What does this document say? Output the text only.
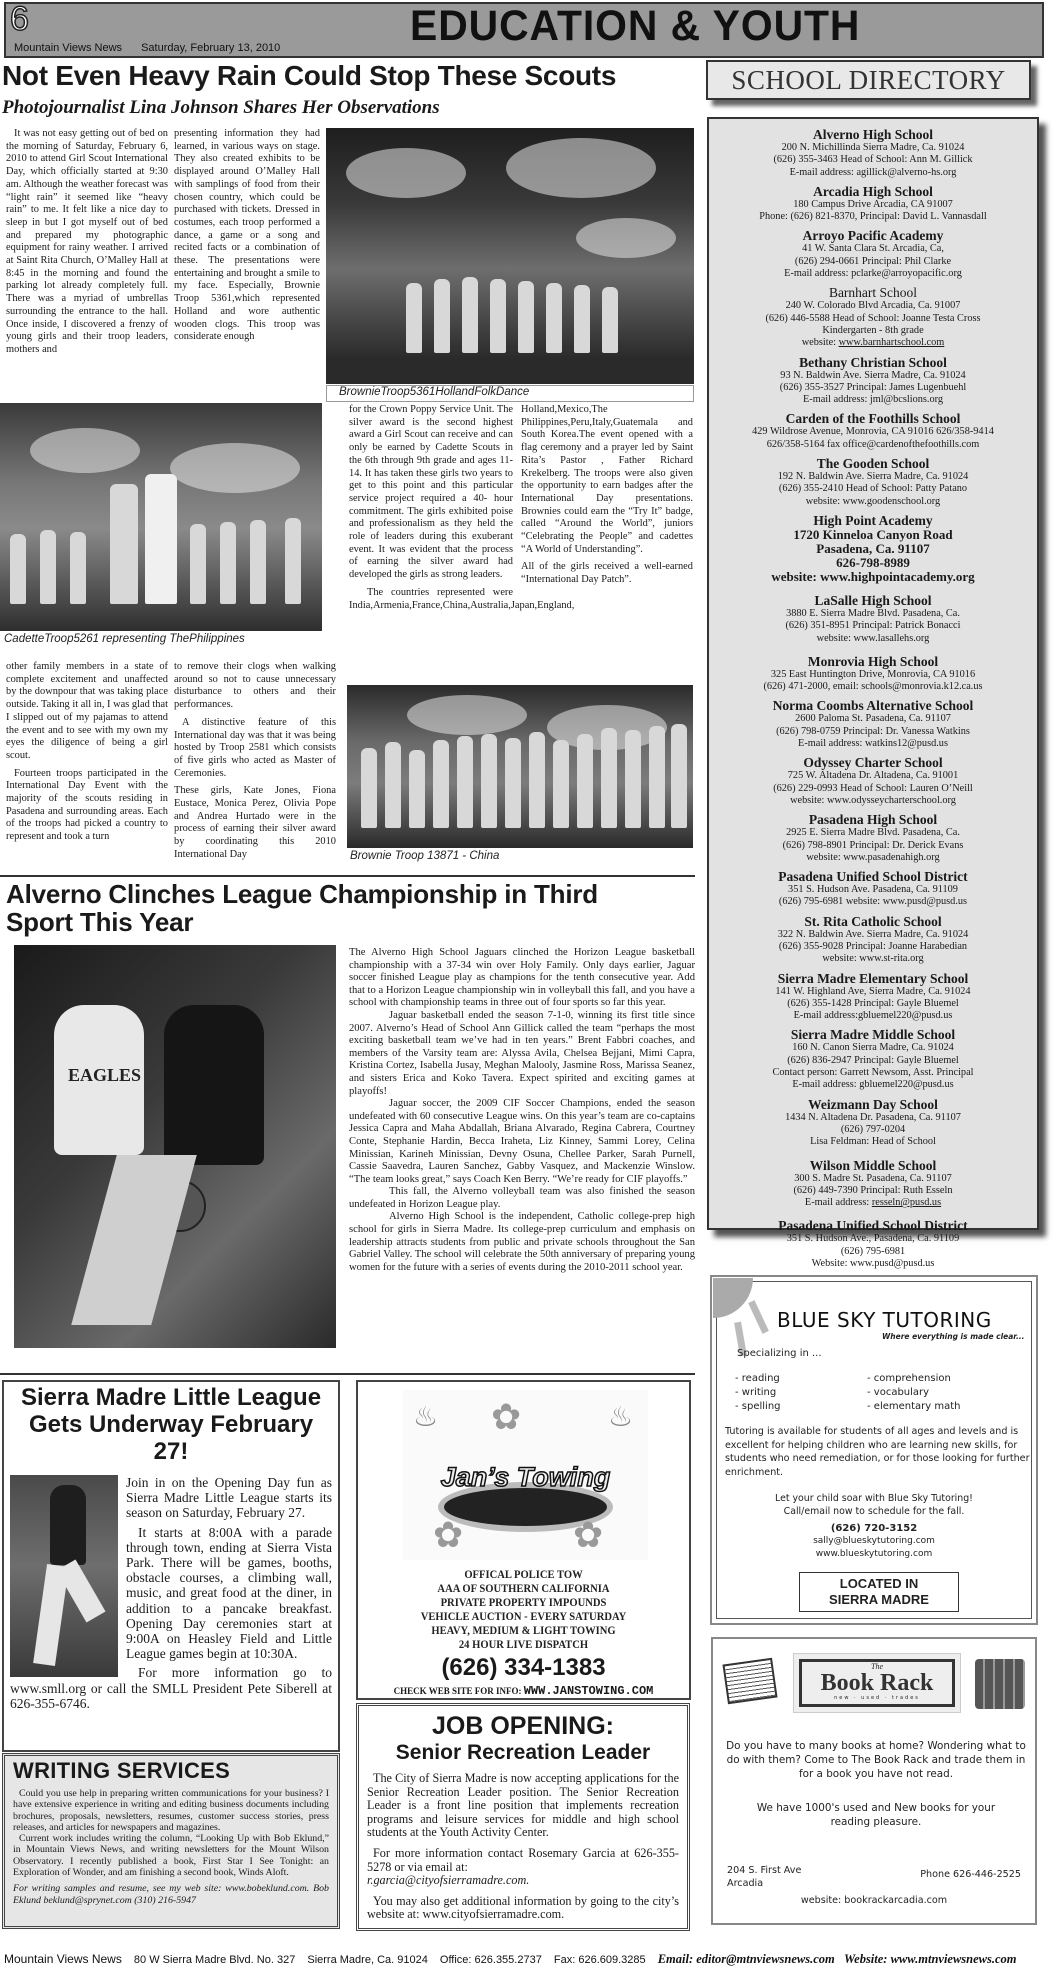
6	EDUCATION & YOUTH
Mountain Views News Saturday, February 13, 2010
Not Even Heavy Rain Could Stop These Scouts
Photojournalist Lina Johnson Shares Her Observations

It was not easy getting out of bed on the morning of Saturday, February 6, 2010 to attend Girl Scout International Day, which officially started at 9:30 am. Although the weather forecast was “light rain” it seemed like “heavy rain” to me. It felt like a nice day to sleep in but I got myself out of bed and prepared my photographic equipment for rainy weather. I arrived at Saint Rita Church, O’Malley Hall at 8:45 in the morning and found the parking lot already completely full. There was a myriad of umbrellas surrounding the entrance to the hall. Once inside, I discovered a frenzy of young girls and their troop leaders, mothers and

presenting information they had learned, in various ways on stage. They also created exhibits to be displayed around O’Malley Hall with samplings of food from their chosen country, which could be purchased with tickets. Dressed in costumes, each troop performed a dance, a game or a song and recited facts or a combination of these. The presentations were entertaining and brought a smile to my face. Especially, Brownie Troop 5361,which represented Holland and wore authentic wooden clogs. This troop was considerate enough

BrownieTroop5361HollandFolkDance
CadetteTroop5261 representing ThePhilippines

other family members in a state of complete excitement and unaffected by the downpour that was taking place outside. Taking it all in, I was glad that I slipped out of my pajamas to attend the event and to see with my own my eyes the diligence of being a girl scout.

Fourteen troops participated in the International Day Event with the majority of the scouts residing in Pasadena and surrounding areas. Each of the troops had picked a country to represent and took a turn

to remove their clogs when walking around so not to cause unnecessary disturbance to others and their performances.

A distinctive feature of this International day was that it was being hosted by Troop 2581 which consists of five girls who acted as Master of Ceremonies.

These girls, Kate Jones, Fiona Eustace, Monica Perez, Olivia Pope and Andrea Hurtado were in the process of earning their silver award by coordinating this 2010 International Day

for the Crown Poppy Service Unit. The silver award is the second highest award a Girl Scout can receive and can only be earned by Cadette Scouts in the 6th through 9th grade and ages 11-14. It has taken these girls two years to get to this point and this particular service project required a 40- hour commitment. The girls exhibited poise and professionalism as they held the role of leaders during this exuberant event. It was evident that the process of earning the silver award had developed the girls as strong leaders.

The countries represented were India,Armenia,France,China,Australia,Japan,England,

Holland,Mexico,The Philippines,Peru,Italy,Guatemala and South Korea.The event opened with a flag ceremony and a prayer led by Saint Rita’s Pastor , Father Richard Krekelberg. The troops were also given the opportunity to earn badges after the International Day presentations. Brownies could earn the “Try It” badge, called “Around the World”, juniors “Celebrating the People” and cadettes “A World of Understanding”.

All of the girls received a well-earned “International Day Patch”.

Brownie Troop 13871 - China
SCHOOL DIRECTORY
Alverno High School
200 N. Michillinda Sierra Madre, Ca. 91024
(626) 355-3463 Head of School: Ann M. Gillick
E-mail address: agillick@alverno-hs.org
Arcadia High School
180 Campus Drive Arcadia, CA 91007
Phone: (626) 821-8370, Principal: David L. Vannasdall
Arroyo Pacific Academy
41 W. Santa Clara St. Arcadia, Ca,
(626) 294-0661 Principal: Phil Clarke
E-mail address: pclarke@arroyopacific.org
Barnhart School
240 W. Colorado Blvd Arcadia, Ca. 91007
(626) 446-5588 Head of School: Joanne Testa Cross
Kindergarten - 8th grade
website: www.barnhartschool.com
Bethany Christian School
93 N. Baldwin Ave. Sierra Madre, Ca. 91024
(626) 355-3527 Principal: James Lugenbuehl
E-mail address: jml@bcslions.org
Carden of the Foothills School
429 Wildrose Avenue, Monrovia, CA 91016 626/358-9414
626/358-5164 fax office@cardenofthefoothills.com
The Gooden School
192 N. Baldwin Ave. Sierra Madre, Ca. 91024
(626) 355-2410 Head of School: Patty Patano
website: www.goodenschool.org
High Point Academy
1720 Kinneloa Canyon Road
Pasadena, Ca. 91107
626-798-8989
website: www.highpointacademy.org
LaSalle High School
3880 E. Sierra Madre Blvd. Pasadena, Ca.
(626) 351-8951 Principal: Patrick Bonacci
website: www.lasallehs.org
Monrovia High School
325 East Huntington Drive, Monrovia, CA 91016
(626) 471-2000, email: schools@monrovia.k12.ca.us
Norma Coombs Alternative School
2600 Paloma St. Pasadena, Ca. 91107
(626) 798-0759 Principal: Dr. Vanessa Watkins
E-mail address: watkins12@pusd.us
Odyssey Charter School
725 W. Altadena Dr. Altadena, Ca. 91001
(626) 229-0993 Head of School: Lauren O’Neill
website: www.odysseycharterschool.org
Pasadena High School
2925 E. Sierra Madre Blvd. Pasadena, Ca.
(626) 798-8901 Principal: Dr. Derick Evans
website: www.pasadenahigh.org
Pasadena Unified School District
351 S. Hudson Ave. Pasadena, Ca. 91109
(626) 795-6981 website: www.pusd@pusd.us
St. Rita Catholic School
322 N. Baldwin Ave. Sierra Madre, Ca. 91024
(626) 355-9028 Principal: Joanne Harabedian
website: www.st-rita.org
Sierra Madre Elementary School
141 W. Highland Ave, Sierra Madre, Ca. 91024
(626) 355-1428 Principal: Gayle Bluemel
E-mail address:gbluemel220@pusd.us
Sierra Madre Middle School
160 N. Canon Sierra Madre, Ca. 91024
(626) 836-2947 Principal: Gayle Bluemel
Contact person: Garrett Newsom, Asst. Principal
E-mail address: gbluemel220@pusd.us
Weizmann Day School
1434 N. Altadena Dr. Pasadena, Ca. 91107
(626) 797-0204
Lisa Feldman: Head of School
Wilson Middle School
300 S. Madre St. Pasadena, Ca. 91107
(626) 449-7390 Principal: Ruth Esseln
E-mail address: resseln@pusd.us
Pasadena Unified School District
351 S. Hudson Ave., Pasadena, Ca. 91109
(626) 795-6981
Website: www.pusd@pusd.us
Alverno Clinches League Championship in Third Sport This Year
EAGLES

The Alverno High School Jaguars clinched the Horizon League basketball championship with a 37-34 win over Holy Family. Only days earlier, Jaguar soccer finished League play as champions for the tenth consecutive year. Add that to a Horizon League championship win in volleyball this fall, and you have a school with championship teams in three out of four sports so far this year.

Jaguar basketball ended the season 7-1-0, winning its first title since 2007. Alverno’s Head of School Ann Gillick called the team “perhaps the most exciting basketball team we’ve had in ten years.” Brent Fabbri coaches, and members of the Varsity team are: Alyssa Avila, Chelsea Bejjani, Mimi Capra, Kristina Cortez, Isabella Jusay, Meghan Malooly, Jasmine Ross, Marissa Seanez, and sisters Erica and Koko Tavera. Expect spirited and exciting games at playoffs!

Jaguar soccer, the 2009 CIF Soccer Champions, ended the season undefeated with 60 consecutive League wins. On this year’s team are co-captains Jessica Capra and Maha Abdallah, Briana Alvarado, Regina Cabrera, Courtney Conte, Stephanie Hardin, Becca Iraheta, Liz Kinney, Sammi Lorey, Celina Minissian, Karineh Minissian, Devny Osuna, Chellee Parker, Sarah Purnell, Cassie Saavedra, Lauren Sanchez, Gabby Vasquez, and Mackenzie Winslow. “The team looks great,” says Coach Ken Berry. “We’re ready for CIF playoffs.”

This fall, the Alverno volleyball team was also finished the season undefeated in Horizon League play.

Alverno High School is the independent, Catholic college-prep high school for girls in Sierra Madre. Its college-prep curriculum and emphasis on leadership attracts students from public and private schools throughout the San Gabriel Valley. The school will celebrate the 50th anniversary of preparing young women for the future with a series of events during the 2010-2011 school year.

Sierra Madre Little League Gets Underway February 27!

Join in on the Opening Day fun as Sierra Madre Little League starts its season on Saturday, February 27.

It starts at 8:00A with a parade through town, ending at Sierra Vista Park. There will be games, booths, obstacle courses, a climbing wall, music, and great food at the diner, in addition to a pancake breakfast. Opening Day ceremonies start at 9:00A on Heasley Field and Little League games begin at 10:30A.

For more information go to www.smll.org or call the SMLL President Pete Siberell at 626-355-6746.

WRITING SERVICES

Could you use help in preparing written communications for your business? I have extensive experience in writing and editing business documents including brochures, proposals, newsletters, resumes, customer success stories, press releases, and articles for newspapers and magazines.

Current work includes writing the column, “Looking Up with Bob Eklund,” in Mountain Views News, and writing newsletters for the Mount Wilson Observatory. I recently published a book, First Star I See Tonight: an Exploration of Wonder, and am finishing a second book, Winds Aloft.

For writing samples and resume, see my web site: www.bobeklund.com. Bob Eklund beklund@sprynet.com (310) 216-5947

♨	♨
Jan’s Towing
✿
✿	✿
OFFICAL POLICE TOW
AAA OF SOUTHERN CALIFORNIA
PRIVATE PROPERTY IMPOUNDS
VEHICLE AUCTION - EVERY SATURDAY
HEAVY, MEDIUM & LIGHT TOWING
24 HOUR LIVE DISPATCH
(626) 334-1383
CHECK WEB SITE FOR INFO: WWW.JANSTOWING.COM
JOB OPENING:
Senior Recreation Leader

The City of Sierra Madre is now accepting applications for the Senior Recreation Leader position. The Senior Recreation Leader is a front line position that implements recreation programs and leisure services for middle and high school students at the Youth Activity Center.

For more information contact Rosemary Garcia at 626-355-5278 or via email at:

r.garcia@cityofsierramadre.com.

You may also get additional information by going to the city’s website at: www.cityofsierramadre.com.

BLUE SKY TUTORING
Where everything is made clear...
Specializing in ...
- reading
- writing
- spelling
- comprehension
- vocabulary
- elementary math
Tutoring is available for students of all ages and levels and is excellent for helping children who are learning new skills, for students who need remediation, or for those looking for further enrichment.
Let your child soar with Blue Sky Tutoring!
Call/email now to schedule for the fall.
(626) 720-3152
sally@blueskytutoring.com
www.blueskytutoring.com
LOCATED IN
SIERRA MADRE
The
Book Rack
new · used · trades
Do you have to many books at home? Wondering what to do with them? Come to The Book Rack and trade them in for a book you have not read.
We have 1000's used and New books for your reading pleasure.
204 S. First Ave
Arcadia
Phone 626-446-2525
website: bookrackarcadia.com
Mountain Views News 80 W Sierra Madre Blvd. No. 327 Sierra Madre, Ca. 91024 Office: 626.355.2737 Fax: 626.609.3285 Email: editor@mtnviewsnews.com Website: www.mtnviewsnews.com
